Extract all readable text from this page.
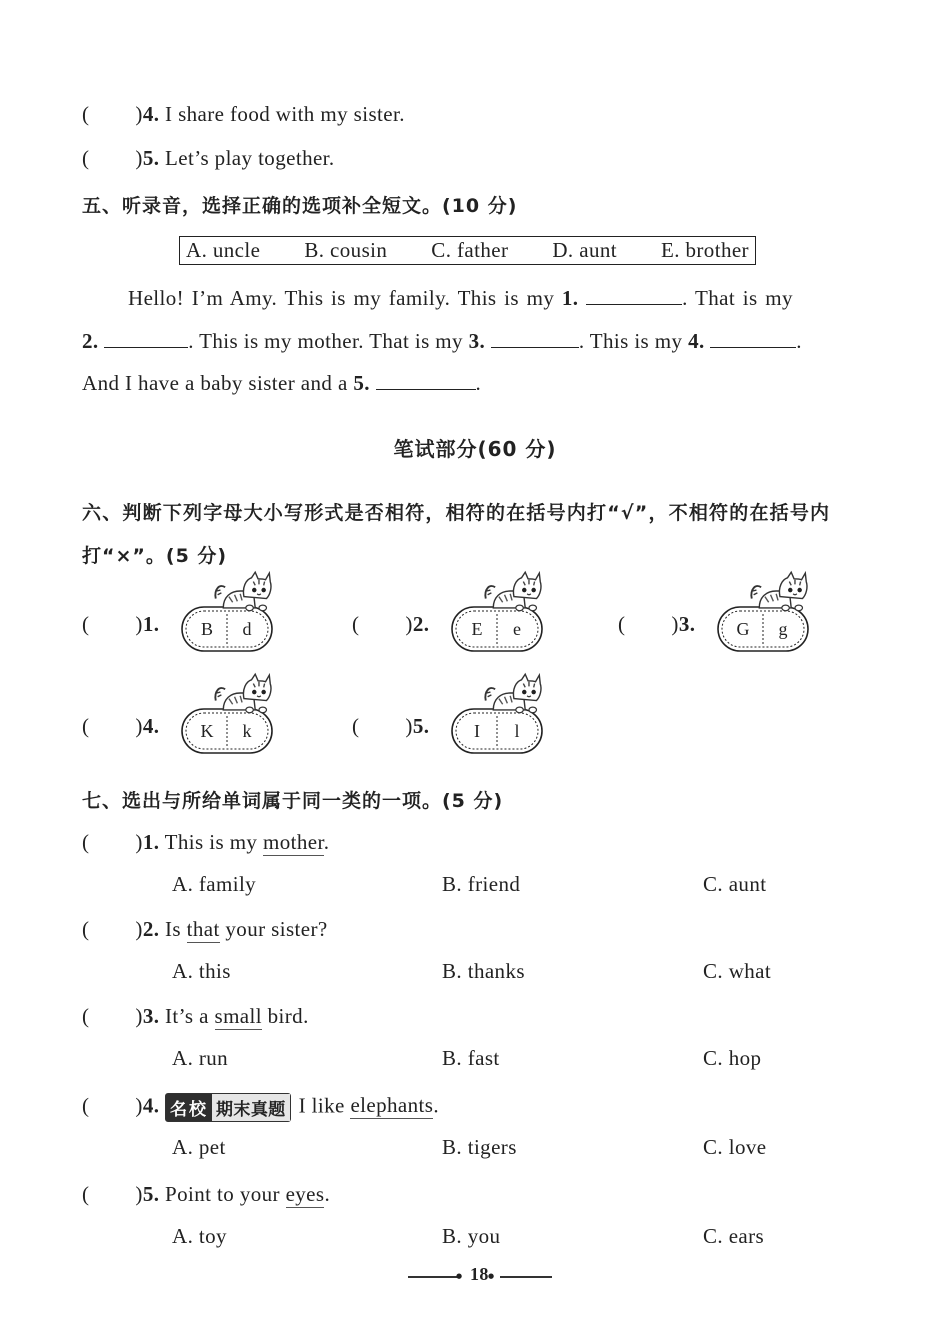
( )4. I share food with my sister.
( )5. Let’s play together.
五、听录音，选择正确的选项补全短文。(10 分)
A. uncle B. cousin C. father D. aunt E. brother
Hello! I’m Amy. This is my family. This is my 1.	. That is my
2.	. This is my mother. That is my 3.	. This is my 4.	.
And I have a baby sister and a 5.	.
笔试部分(60 分)
六、判断下列字母大小写形式是否相符，相符的在括号内打“√”，不相符的在括号内
打“×”。(5 分)
( )1. B	d	( )2. E	e	( )3. G	g
( )4. K	k	( )5.	I	l
七、选出与所给单词属于同一类的一项。(5 分)
( )1. This is my mother.
A. family	B. friend	C. aunt
( )2. Is that your sister?
A. this	B. thanks	C. what
( )3. It’s a small bird.
A. run	B. fast	C. hop
( )4. 名校 期末真题 I like elephants.
A. pet	B. tigers	C. love
( )5. Point to your eyes.
A. toy	B. you	C. ears
●	●
18
